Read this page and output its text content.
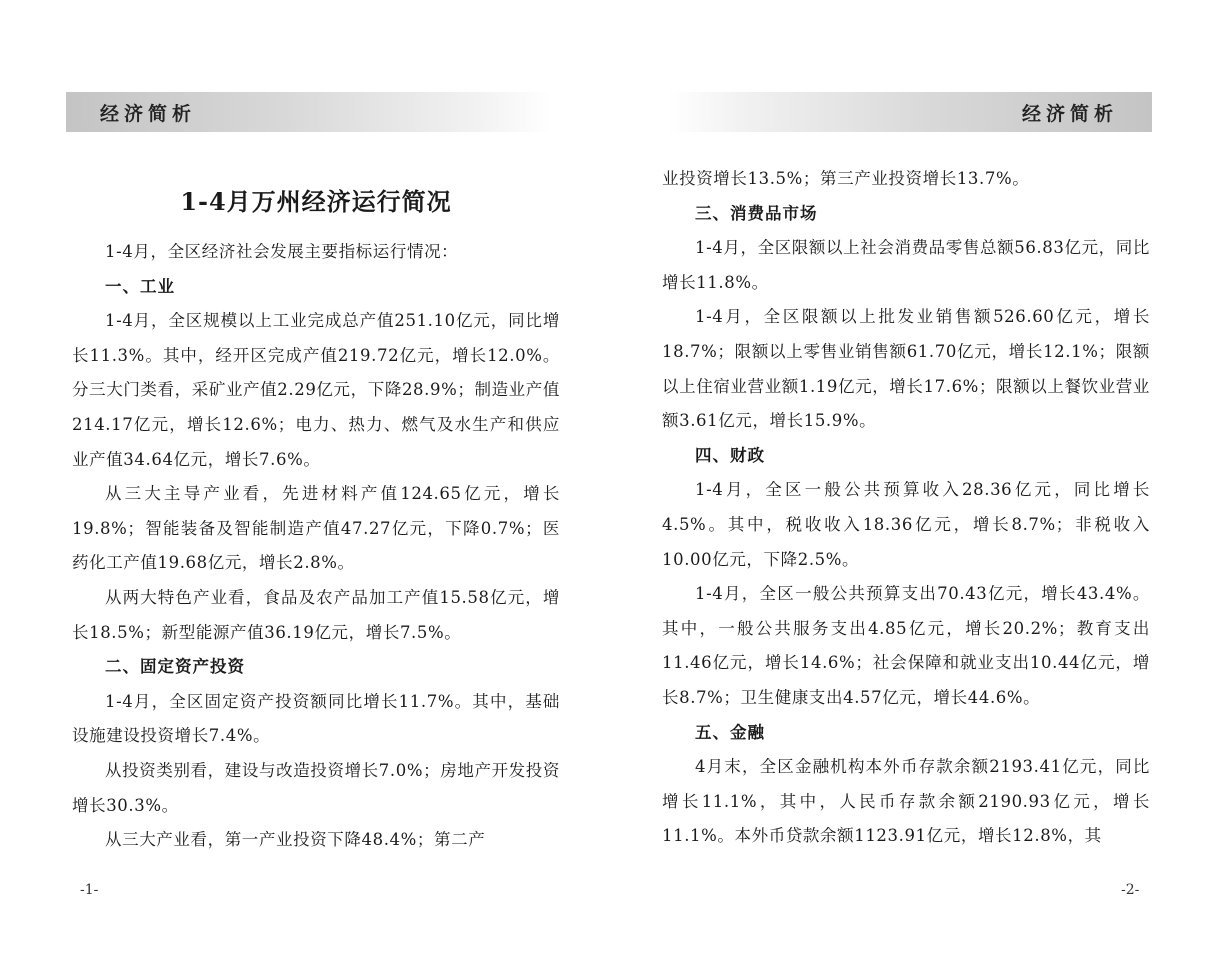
经济简析
1-4月万州经济运行简况

1-4月，全区经济社会发展主要指标运行情况：

一、工业

1-4月，全区规模以上工业完成总产值251.10亿元，同比增长11.3%。其中，经开区完成产值219.72亿元，增长12.0%。分三大门类看，采矿业产值2.29亿元，下降28.9%；制造业产值214.17亿元，增长12.6%；电力、热力、燃气及水生产和供应业产值34.64亿元，增长7.6%。

从三大主导产业看，先进材料产值124.65亿元，增长19.8%；智能装备及智能制造产值47.27亿元，下降0.7%；医药化工产值19.68亿元，增长2.8%。

从两大特色产业看，食品及农产品加工产值15.58亿元，增长18.5%；新型能源产值36.19亿元，增长7.5%。

二、固定资产投资

1-4月，全区固定资产投资额同比增长11.7%。其中，基础设施建设投资增长7.4%。

从投资类别看，建设与改造投资增长7.0%；房地产开发投资增长30.3%。

从三大产业看，第一产业投资下降48.4%；第二产

-1-
经济简析

业投资增长13.5%；第三产业投资增长13.7%。

三、消费品市场

1-4月，全区限额以上社会消费品零售总额56.83亿元，同比增长11.8%。

1-4月，全区限额以上批发业销售额526.60亿元，增长18.7%；限额以上零售业销售额61.70亿元，增长12.1%；限额以上住宿业营业额1.19亿元，增长17.6%；限额以上餐饮业营业额3.61亿元，增长15.9%。

四、财政

1-4月，全区一般公共预算收入28.36亿元，同比增长4.5%。其中，税收收入18.36亿元，增长8.7%；非税收入10.00亿元，下降2.5%。

1-4月，全区一般公共预算支出70.43亿元，增长43.4%。其中，一般公共服务支出4.85亿元，增长20.2%；教育支出11.46亿元，增长14.6%；社会保障和就业支出10.44亿元，增长8.7%；卫生健康支出4.57亿元，增长44.6%。

五、金融

4月末，全区金融机构本外币存款余额2193.41亿元，同比增长11.1%，其中，人民币存款余额2190.93亿元，增长11.1%。本外币贷款余额1123.91亿元，增长12.8%，其

-2-
